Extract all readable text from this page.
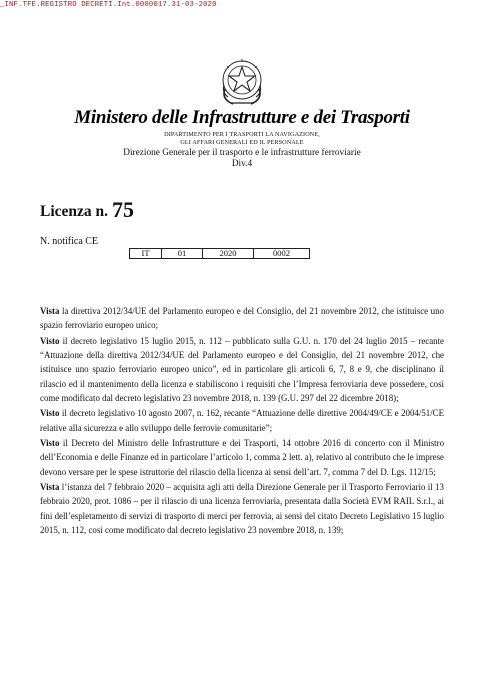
_INF.TFE.REGISTRO DECRETI.Int.0000017.31-03-2020
Ministero delle Infrastrutture e dei Trasporti
DIPARTIMENTO PER I TRASPORTI LA NAVIGAZIONE,
GLI AFFARI GENERALI ED IL PERSONALE
Direzione Generale per il trasporto e le infrastrutture ferroviarie
Div.4
Licenza n. 75
N. notifica CE
IT	01	2020	0002

Vista la direttiva 2012/34/UE del Parlamento europeo e del Consiglio, del 21 novembre 2012, che istituisce uno spazio ferroviario europeo unico;

Visto il decreto legislativo 15 luglio 2015, n. 112 – pubblicato sulla G.U. n. 170 del 24 luglio 2015 – recante “Attuazione della direttiva 2012/34/UE del Parlamento europeo e del Consiglio, del 21 novembre 2012, che istituisce uno spazio ferroviario europeo unico”, ed in particolare gli articoli 6, 7, 8 e 9, che disciplinano il rilascio ed il mantenimento della licenza e stabiliscono i requisiti che l’Impresa ferroviaria deve possedere, così come modificato dal decreto legislativo 23 novembre 2018, n. 139 (G.U. 297 del 22 dicembre 2018);

Visto il decreto legislativo 10 agosto 2007, n. 162, recante “Attuazione delle direttive 2004/49/CE e 2004/51/CE relative alla sicurezza e allo sviluppo delle ferrovie comunitarie”;

Visto il Decreto del Ministro delle Infrastrutture e dei Trasporti, 14 ottobre 2016 di concerto con il Ministro dell’Economia e delle Finanze ed in particolare l’articolo 1, comma 2 lett. a), relativo al contributo che le imprese devono versare per le spese istruttorie del rilascio della licenza ai sensi dell’art. 7, comma 7 del D. Lgs. 112/15;

Vista l’istanza del 7 febbraio 2020 – acquisita agli atti della Direzione Generale per il Trasporto Ferroviario il 13 febbraio 2020, prot. 1086 – per il rilascio di una licenza ferroviaria, presentata dalla Società EVM RAIL S.r.l., ai fini dell’espletamento di servizi di trasporto di merci per ferrovia, ai sensi del citato Decreto Legislativo 15 luglio 2015, n. 112, così come modificato dal decreto legislativo 23 novembre 2018, n. 139;
